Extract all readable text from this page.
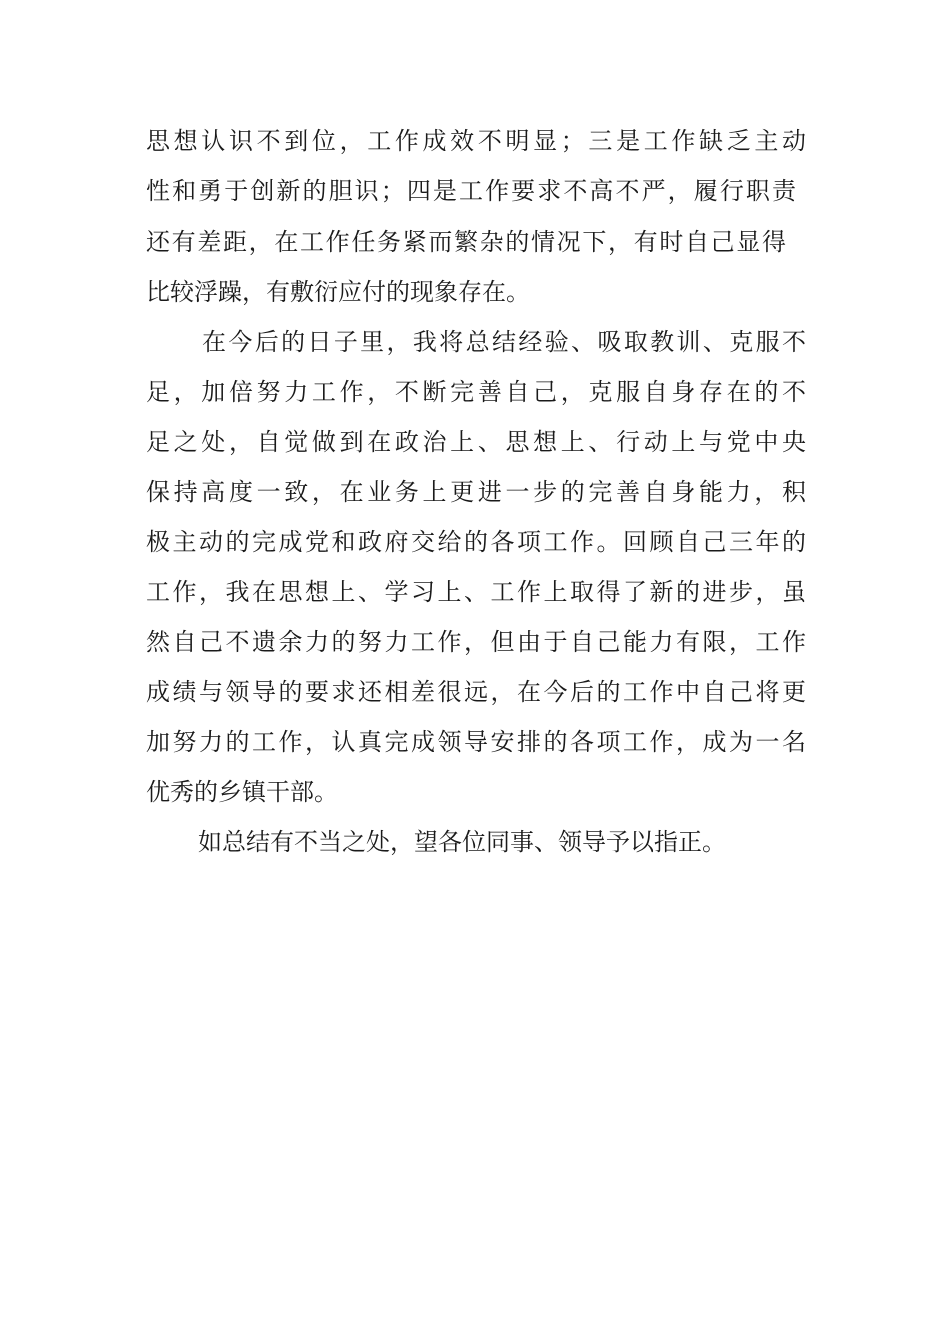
思想认识不到位，工作成效不明显；三是工作缺乏主动
性和勇于创新的胆识；四是工作要求不高不严，履行职责
还有差距，在工作任务紧而繁杂的情况下，有时自己显得
比较浮躁，有敷衍应付的现象存在。
在今后的日子里，我将总结经验、吸取教训、克服不
足，加倍努力工作，不断完善自己，克服自身存在的不
足之处，自觉做到在政治上、思想上、行动上与党中央
保持高度一致，在业务上更进一步的完善自身能力，积
极主动的完成党和政府交给的各项工作。回顾自己三年的
工作，我在思想上、学习上、工作上取得了新的进步，虽
然自己不遗余力的努力工作，但由于自己能力有限，工作
成绩与领导的要求还相差很远，在今后的工作中自己将更
加努力的工作，认真完成领导安排的各项工作，成为一名
优秀的乡镇干部。
如总结有不当之处，望各位同事、领导予以指正。
